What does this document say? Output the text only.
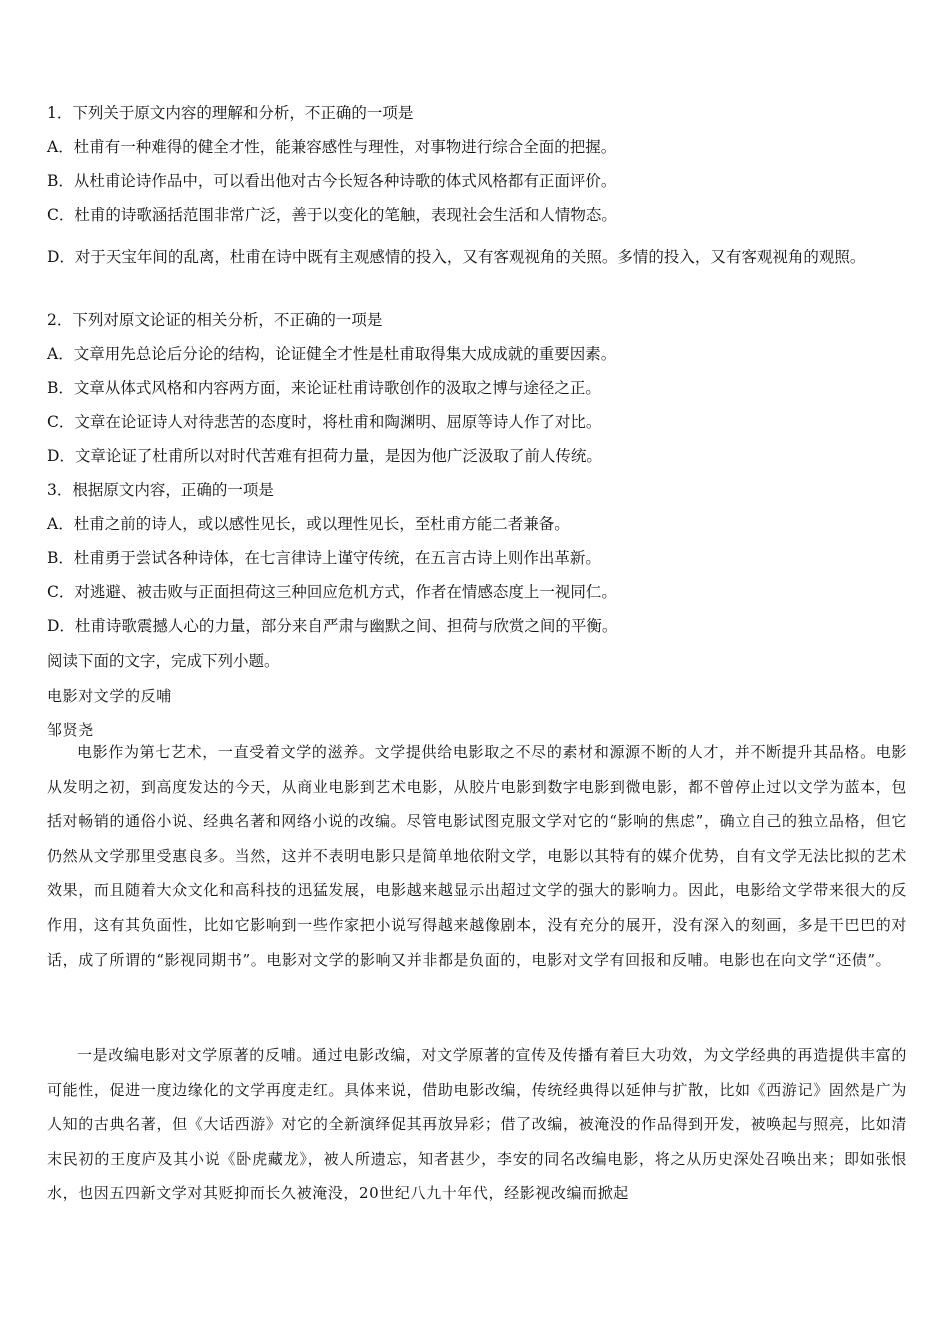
1．下列关于原文内容的理解和分析，不正确的一项是
A．杜甫有一种难得的健全才性，能兼容感性与理性，对事物进行综合全面的把握。
B．从杜甫论诗作品中，可以看出他对古今长短各种诗歌的体式风格都有正面评价。
C．杜甫的诗歌涵括范围非常广泛，善于以变化的笔触，表现社会生活和人情物态。
D．对于天宝年间的乱离，杜甫在诗中既有主观感情的投入，又有客观视角的关照。多情的投入，又有客观视角的观照。
2．下列对原文论证的相关分析，不正确的一项是
A．文章用先总论后分论的结构，论证健全才性是杜甫取得集大成成就的重要因素。
B．文章从体式风格和内容两方面，来论证杜甫诗歌创作的汲取之博与途径之正。
C．文章在论证诗人对待悲苦的态度时，将杜甫和陶渊明、屈原等诗人作了对比。
D．文章论证了杜甫所以对时代苦难有担荷力量，是因为他广泛汲取了前人传统。
3．根据原文内容，正确的一项是
A．杜甫之前的诗人，或以感性见长，或以理性见长，至杜甫方能二者兼备。
B．杜甫勇于尝试各种诗体，在七言律诗上谨守传统，在五言古诗上则作出革新。
C．对逃避、被击败与正面担荷这三种回应危机方式，作者在情感态度上一视同仁。
D．杜甫诗歌震撼人心的力量，部分来自严肃与幽默之间、担荷与欣赏之间的平衡。
阅读下面的文字，完成下列小题。
电影对文学的反哺
邹贤尧

电影作为第七艺术，一直受着文学的滋养。文学提供给电影取之不尽的素材和源源不断的人才，并不断提升其品格。电影从发明之初，到高度发达的今天，从商业电影到艺术电影，从胶片电影到数字电影到微电影，都不曾停止过以文学为蓝本，包括对畅销的通俗小说、经典名著和网络小说的改编。尽管电影试图克服文学对它的“影响的焦虑”，确立自己的独立品格，但它仍然从文学那里受惠良多。当然，这并不表明电影只是简单地依附文学，电影以其特有的媒介优势，自有文学无法比拟的艺术效果，而且随着大众文化和高科技的迅猛发展，电影越来越显示出超过文学的强大的影响力。因此，电影给文学带来很大的反作用，这有其负面性，比如它影响到一些作家把小说写得越来越像剧本，没有充分的展开，没有深入的刻画，多是干巴巴的对话，成了所谓的“影视同期书”。电影对文学的影响又并非都是负面的，电影对文学有回报和反哺。电影也在向文学“还债”。

一是改编电影对文学原著的反哺。通过电影改编，对文学原著的宣传及传播有着巨大功效，为文学经典的再造提供丰富的可能性，促进一度边缘化的文学再度走红。具体来说，借助电影改编，传统经典得以延伸与扩散，比如《西游记》固然是广为人知的古典名著，但《大话西游》对它的全新演绎促其再放异彩；借了改编，被淹没的作品得到开发，被唤起与照亮，比如清末民初的王度庐及其小说《卧虎藏龙》，被人所遗忘，知者甚少，李安的同名改编电影，将之从历史深处召唤出来；即如张恨水，也因五四新文学对其贬抑而长久被淹没，20世纪八九十年代，经影视改编而掀起
